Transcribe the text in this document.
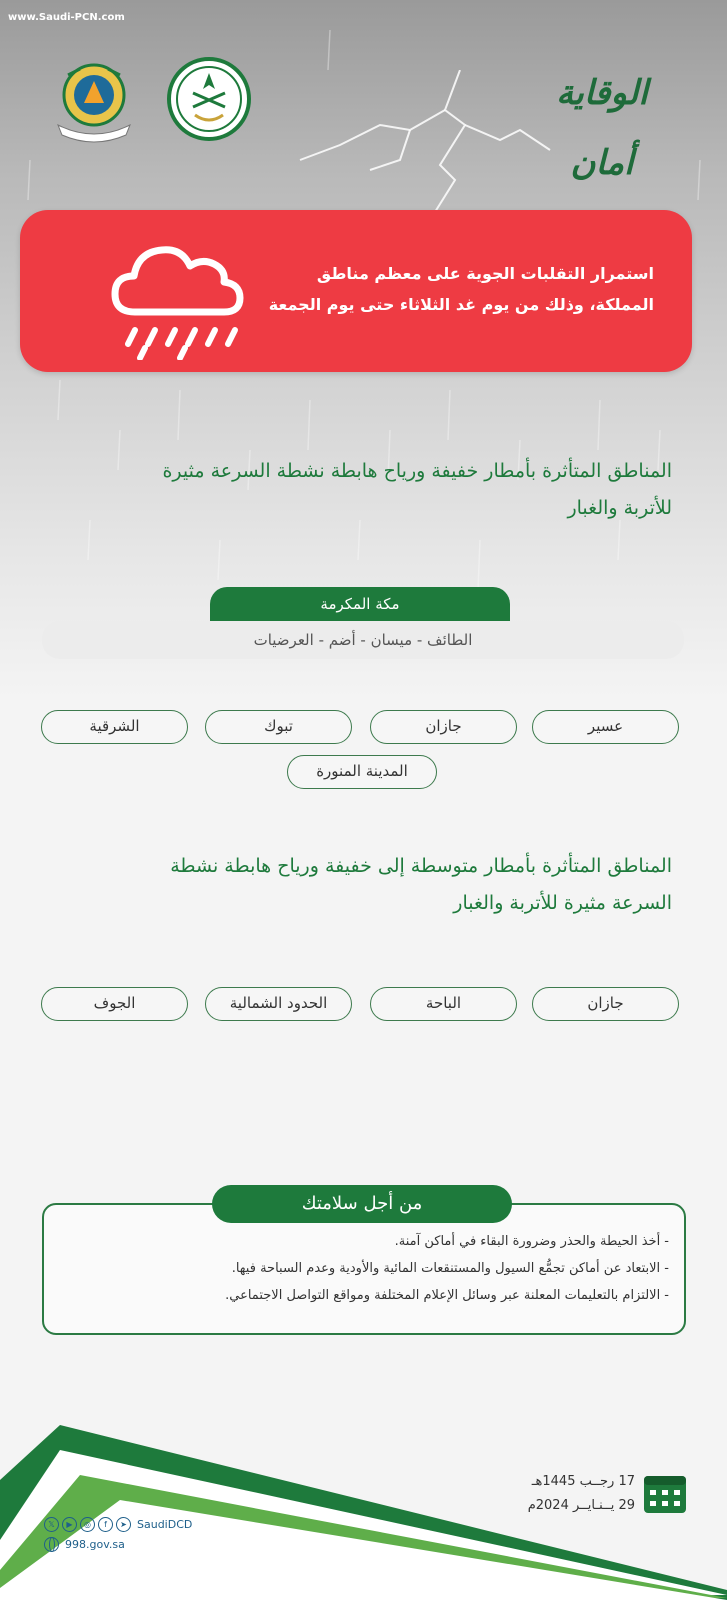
www.Saudi-PCN.com
الوقاية أمان
استمرار التقلبات الجوية على معظم مناطق
المملكة، وذلك من يوم غد الثلاثاء حتى يوم الجمعة
المناطق المتأثرة بأمطار خفيفة ورياح هابطة نشطة السرعة مثيرة
للأتربة والغبار
مكة المكرمة
الطائف - ميسان - أضم - العرضيات
عسير
جازان
تبوك
الشرقية
المدينة المنورة
المناطق المتأثرة بأمطار متوسطة إلى خفيفة ورياح هابطة نشطة
السرعة مثيرة للأتربة والغبار
جازان
الباحة
الحدود الشمالية
الجوف
من أجل سلامتك
- أخذ الحيطة والحذر وضرورة البقاء في أماكن آمنة.
- الابتعاد عن أماكن تجمُّع السيول والمستنقعات المائية والأودية وعدم السباحة فيها.
- الالتزام بالتعليمات المعلنة عبر وسائل الإعلام المختلفة ومواقع التواصل الاجتماعي.
17 رجــب 1445هـ
29 يــنـايــر 2024م
𝕏	▶	◎	f	➤ SaudiDCD
998.gov.sa
